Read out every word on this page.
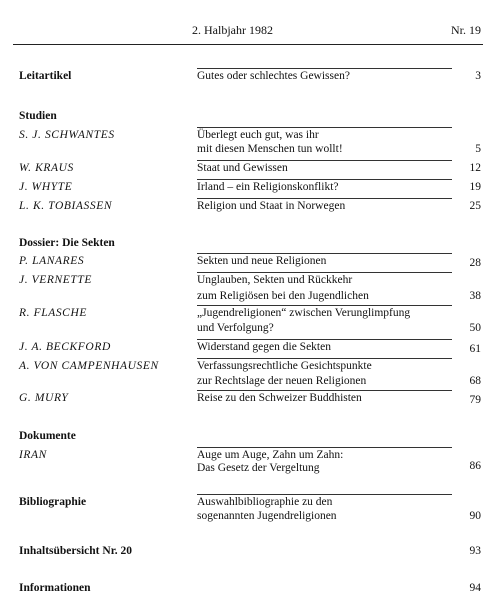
2. Halbjahr 1982	Nr. 19
Leitartikel	Gutes oder schlechtes Gewissen?	3
Studien
S. J. SCHWANTES	Überlegt euch gut, was ihr
mit diesen Menschen tun wollt!	5
W. KRAUS	Staat und Gewissen	12
J. WHYTE	Irland – ein Religionskonflikt?	19
L. K. TOBIASSEN	Religion und Staat in Norwegen	25
Dossier: Die Sekten
P. LANARES	Sekten und neue Religionen	28
J. VERNETTE	Unglauben, Sekten und Rückkehr
zum Religiösen bei den Jugendlichen	38
R. FLASCHE	„Jugendreligionen“ zwischen Verunglimpfung
und Verfolgung?	50
J. A. BECKFORD	Widerstand gegen die Sekten	61
A. VON CAMPENHAUSEN	Verfassungsrechtliche Gesichtspunkte
zur Rechtslage der neuen Religionen	68
G. MURY	Reise zu den Schweizer Buddhisten	79
Dokumente
IRAN	Auge um Auge, Zahn um Zahn:
Das Gesetz der Vergeltung	86
Bibliographie	Auswahlbibliographie zu den
sogenannten Jugendreligionen	90
Inhaltsübersicht Nr. 20	93
Informationen	94
